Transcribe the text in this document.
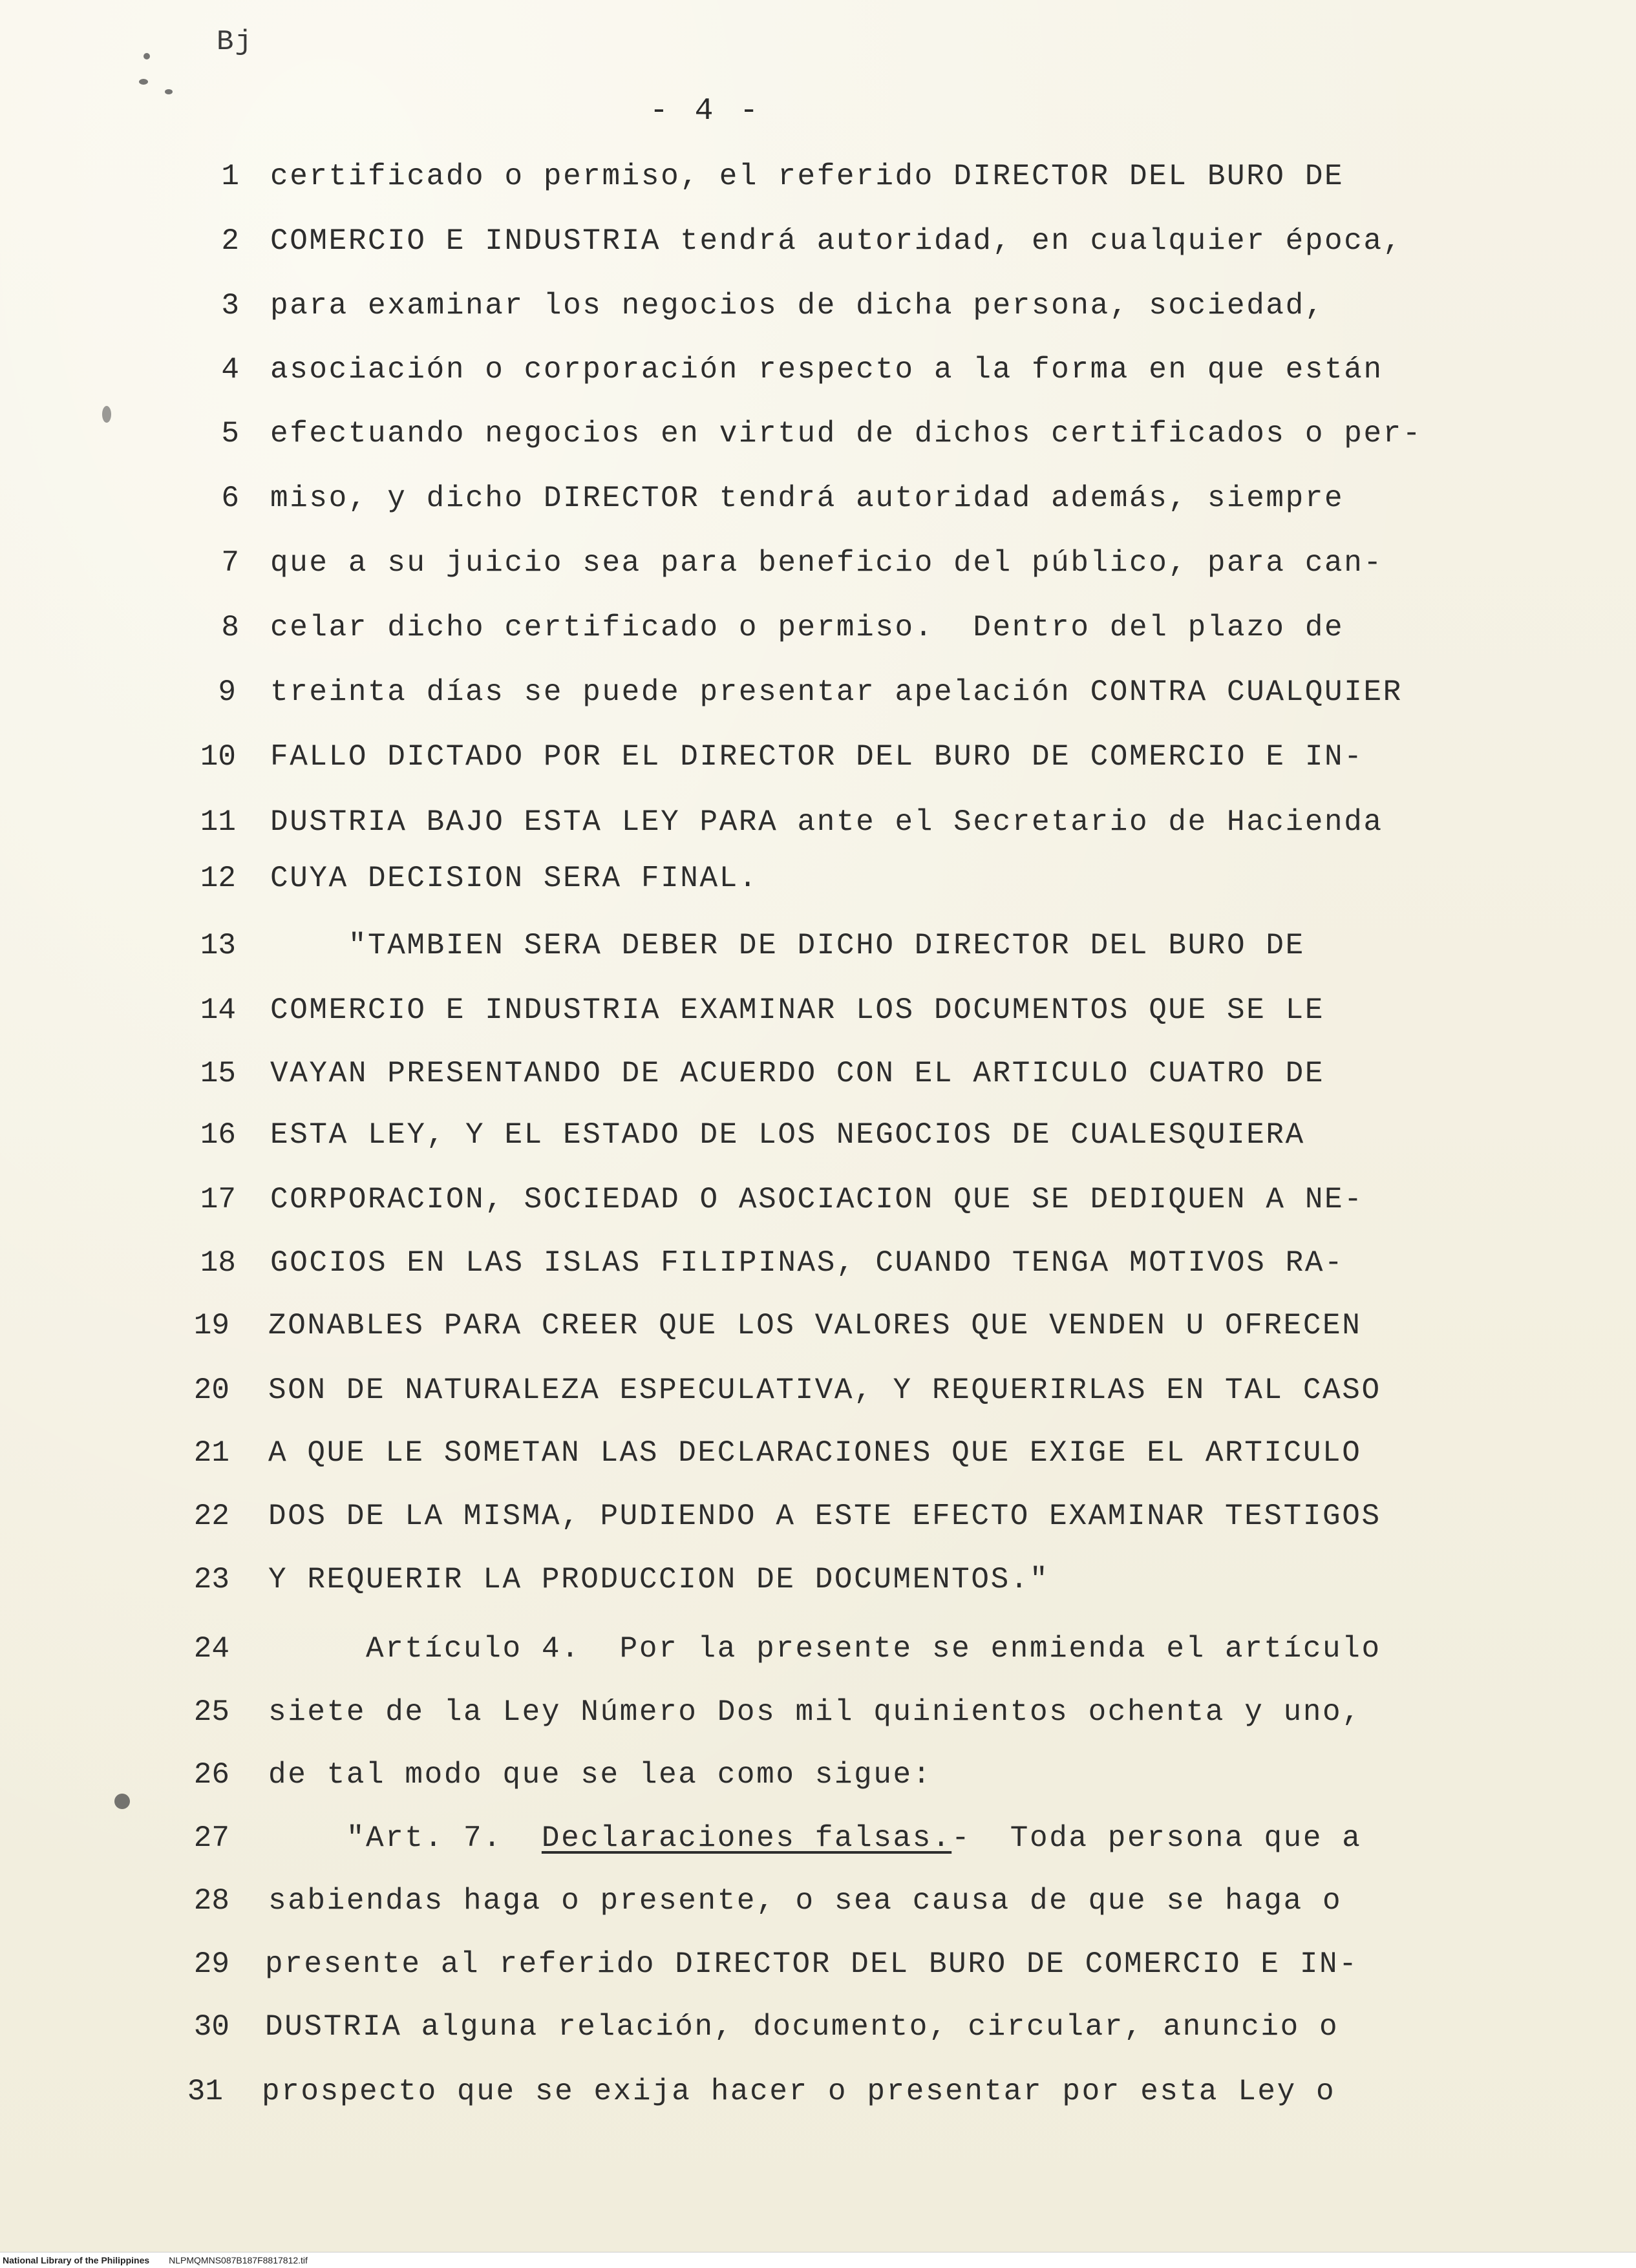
Bj
- 4 -
1 certificado o permiso, el referido DIRECTOR DEL BURO DE
2 COMERCIO E INDUSTRIA tendrá autoridad, en cualquier época,
3 para examinar los negocios de dicha persona, sociedad,
4 asociación o corporación respecto a la forma en que están
5 efectuando negocios en virtud de dichos certificados o per-
6 miso, y dicho DIRECTOR tendrá autoridad además, siempre
7 que a su juicio sea para beneficio del público, para can-
8 celar dicho certificado o permiso.  Dentro del plazo de
9 treinta días se puede presentar apelación CONTRA CUALQUIER
10 FALLO DICTADO POR EL DIRECTOR DEL BURO DE COMERCIO E IN-
11 DUSTRIA BAJO ESTA LEY PARA ante el Secretario de Hacienda
12 CUYA DECISION SERA FINAL.
13 "TAMBIEN SERA DEBER DE DICHO DIRECTOR DEL BURO DE
14 COMERCIO E INDUSTRIA EXAMINAR LOS DOCUMENTOS QUE SE LE
15 VAYAN PRESENTANDO DE ACUERDO CON EL ARTICULO CUATRO DE
16 ESTA LEY, Y EL ESTADO DE LOS NEGOCIOS DE CUALESQUIERA
17 CORPORACION, SOCIEDAD O ASOCIACION QUE SE DEDIQUEN A NE-
18 GOCIOS EN LAS ISLAS FILIPINAS, CUANDO TENGA MOTIVOS RA-
19 ZONABLES PARA CREER QUE LOS VALORES QUE VENDEN U OFRECEN
20 SON DE NATURALEZA ESPECULATIVA, Y REQUERIRLAS EN TAL CASO
21 A QUE LE SOMETAN LAS DECLARACIONES QUE EXIGE EL ARTICULO
22 DOS DE LA MISMA, PUDIENDO A ESTE EFECTO EXAMINAR TESTIGOS
23 Y REQUERIR LA PRODUCCION DE DOCUMENTOS."
24 Artículo 4.  Por la presente se enmienda el artículo
25 siete de la Ley Número Dos mil quinientos ochenta y uno,
26 de tal modo que se lea como sigue:
27 "Art. 7.  Declaraciones falsas.-  Toda persona que a
28 sabiendas haga o presente, o sea causa de que se haga o
29 presente al referido DIRECTOR DEL BURO DE COMERCIO E IN-
30 DUSTRIA alguna relación, documento, circular, anuncio o
31 prospecto que se exija hacer o presentar por esta Ley o
National Library of the Philippines NLPMQMNS087B187F8817812.tif
